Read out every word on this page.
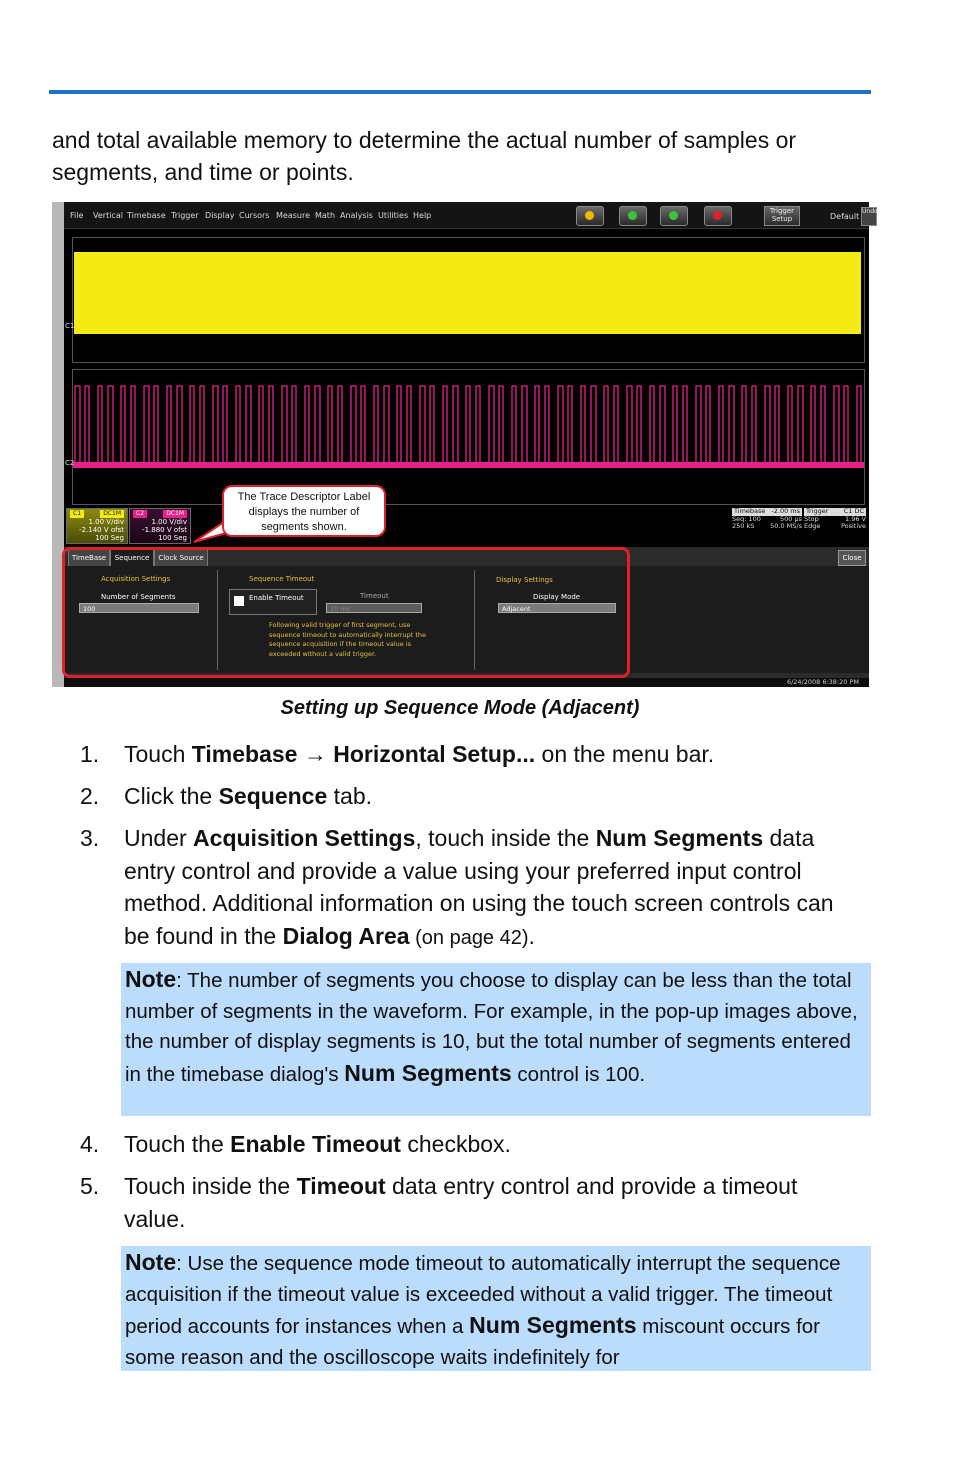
and total available memory to determine the actual number of samples or segments, and time or points.
File Vertical Timebase Trigger Display Cursors Measure Math Analysis Utilities Help	Trigger Setup	Default
Undo
C1
C2
C1	DC1M
1.00 V/div
-2.140 V ofst
100 Seg
C2	DC1M
1.00 V/div
-1.880 V ofst
100 Seg
The Trace Descriptor Label displays the number of segments shown.
Timebase -2.00 ms
Seq: 100	500 µs
250 kS 50.0 MS/s
Trigger C1 DC
Stop	1.96 V
Edge	Positive
TimeBase	Sequence	Clock Source	Close
Acquisition Settings
Number of Segments
100
Sequence Timeout
Enable Timeout	Timeout
10 ms
Following valid trigger of first segment, use sequence timeout to automatically interrupt the sequence acquisition if the timeout value is exceeded without a valid trigger.
Display Settings
Display Mode
Adjacent
6/24/2008 6:38:20 PM
Setting up Sequence Mode (Adjacent)
1. Touch Timebase → Horizontal Setup... on the menu bar.
2. Click the Sequence tab.
3. Under Acquisition Settings, touch inside the Num Segments data entry control and provide a value using your preferred input control method. Additional information on using the touch screen controls can be found in the Dialog Area (on page 42).
Note: The number of segments you choose to display can be less than the total number of segments in the waveform. For example, in the pop-up images above, the number of display segments is 10, but the total number of segments entered in the timebase dialog's Num Segments control is 100.
4. Touch the Enable Timeout checkbox.
5. Touch inside the Timeout data entry control and provide a timeout value.
Note: Use the sequence mode timeout to automatically interrupt the sequence acquisition if the timeout value is exceeded without a valid trigger. The timeout period accounts for instances when a Num Segments miscount occurs for some reason and the oscilloscope waits indefinitely for
